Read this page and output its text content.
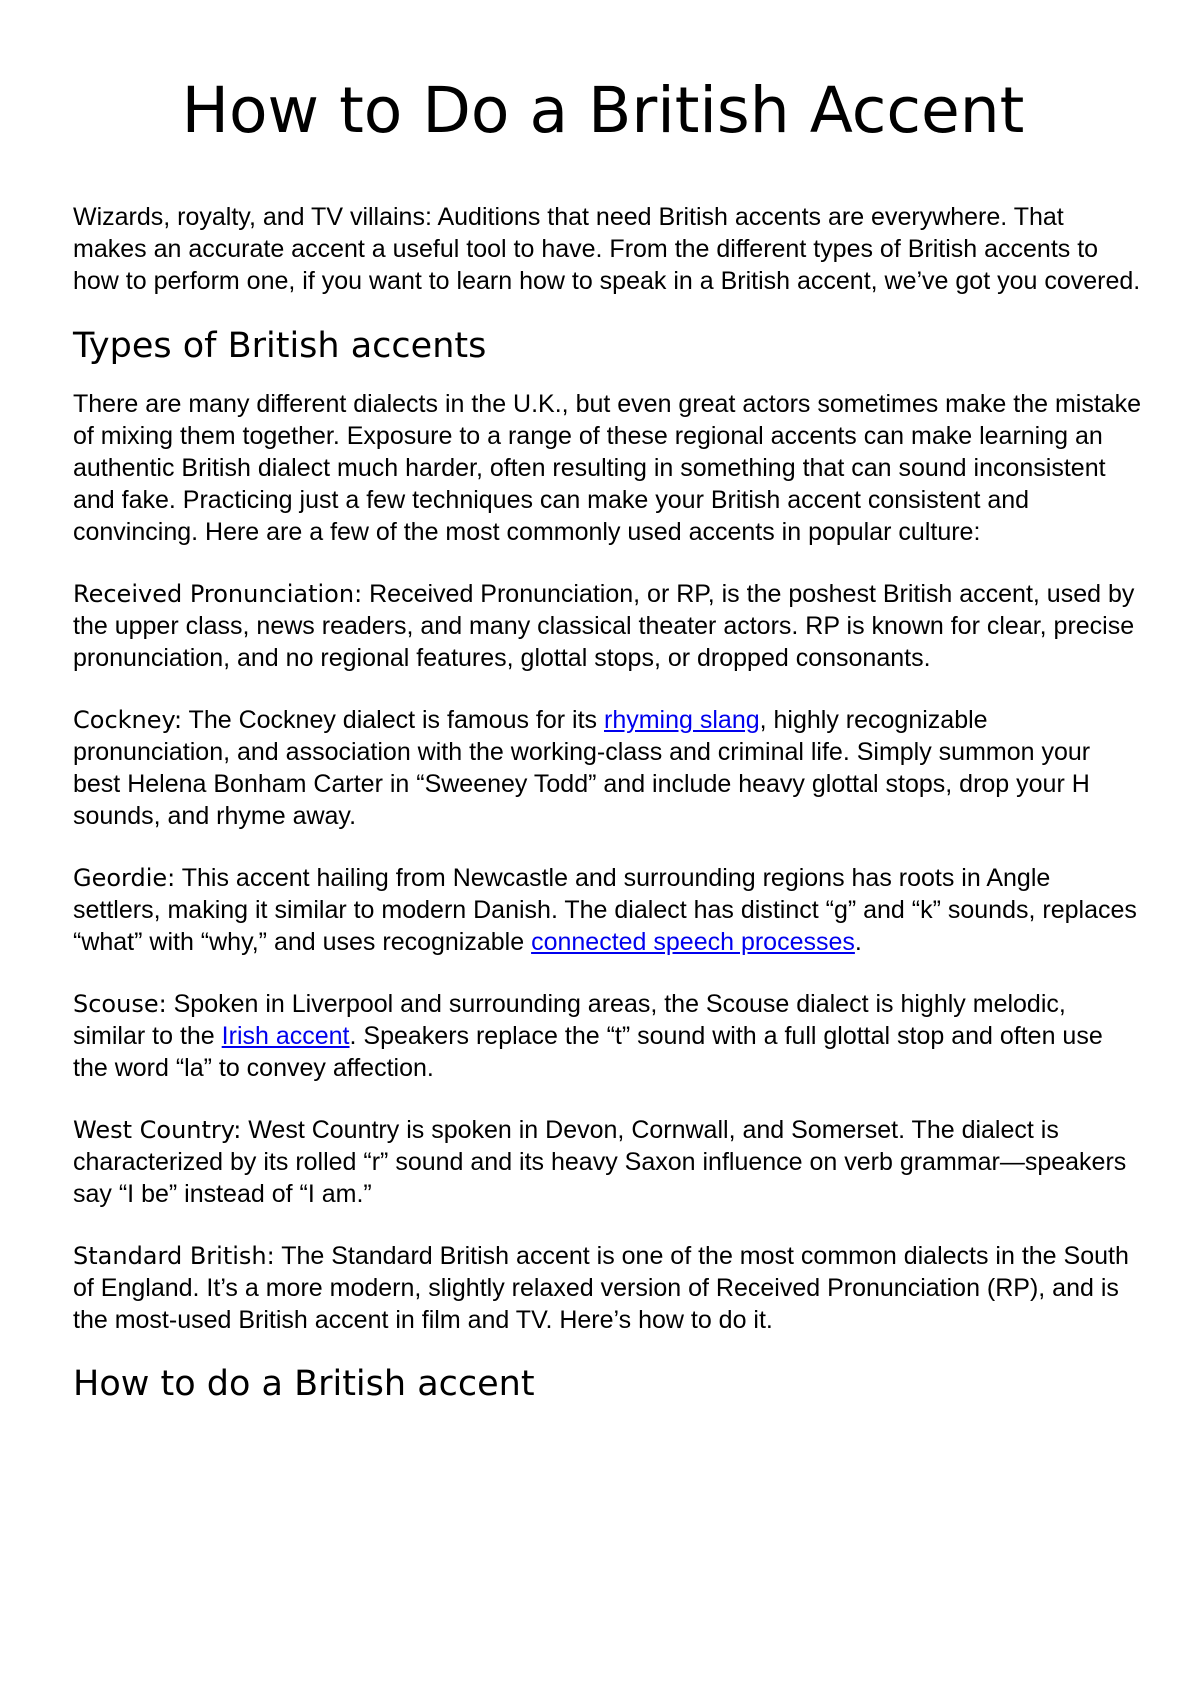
How to Do a British Accent

Wizards, royalty, and TV villains: Auditions that need British accents are everywhere. That makes an accurate accent a useful tool to have. From the different types of British accents to how to perform one, if you want to learn how to speak in a British accent, we’ve got you covered.

Types of British accents

There are many different dialects in the U.K., but even great actors sometimes make the mistake of mixing them together. Exposure to a range of these regional accents can make learning an authentic British dialect much harder, often resulting in something that can sound inconsistent and fake. Practicing just a few techniques can make your British accent consistent and convincing. Here are a few of the most commonly used accents in popular culture:

Received Pronunciation: Received Pronunciation, or RP, is the poshest British accent, used by the upper class, news readers, and many classical theater actors. RP is known for clear, precise pronunciation, and no regional features, glottal stops, or dropped consonants.

Cockney: The Cockney dialect is famous for its rhyming slang, highly recognizable pronunciation, and association with the working-class and criminal life. Simply summon your best Helena Bonham Carter in “Sweeney Todd” and include heavy glottal stops, drop your H sounds, and rhyme away.

Geordie: This accent hailing from Newcastle and surrounding regions has roots in Angle settlers, making it similar to modern Danish. The dialect has distinct “g” and “k” sounds, replaces “what” with “why,” and uses recognizable connected speech processes.

Scouse: Spoken in Liverpool and surrounding areas, the Scouse dialect is highly melodic, similar to the Irish accent. Speakers replace the “t” sound with a full glottal stop and often use the word “la” to convey affection.

West Country: West Country is spoken in Devon, Cornwall, and Somerset. The dialect is characterized by its rolled “r” sound and its heavy Saxon influence on verb grammar—speakers say “I be” instead of “I am.”

Standard British: The Standard British accent is one of the most common dialects in the South of England. It’s a more modern, slightly relaxed version of Received Pronunciation (RP), and is the most-used British accent in film and TV. Here’s how to do it.

How to do a British accent
